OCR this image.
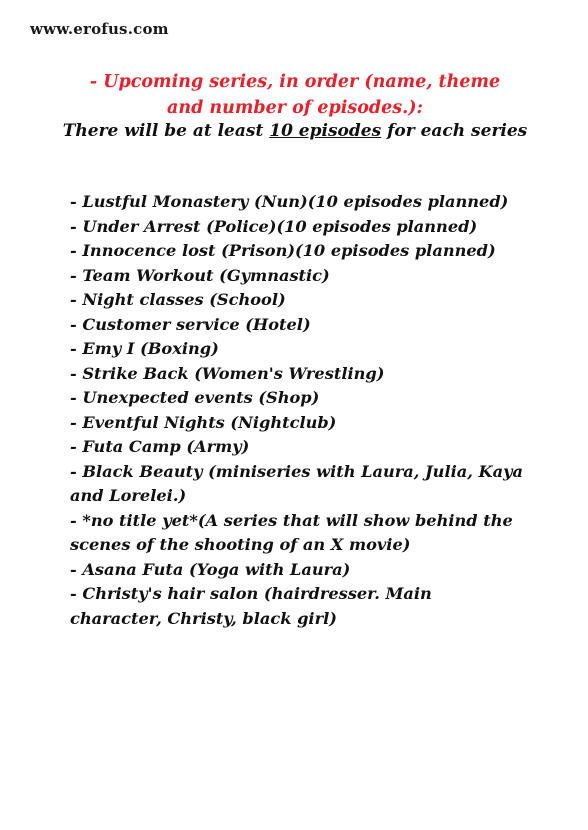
www.erofus.com
- Upcoming series, in order (name, theme and number of episodes.):
There will be at least 10 episodes for each series
- Lustful Monastery (Nun)(10 episodes planned)
- Under Arrest (Police)(10 episodes planned)
- Innocence lost (Prison)(10 episodes planned)
- Team Workout (Gymnastic)
- Night classes (School)
- Customer service (Hotel)
- Emy I (Boxing)
- Strike Back (Women's Wrestling)
- Unexpected events (Shop)
- Eventful Nights (Nightclub)
- Futa Camp (Army)
- Black Beauty (miniseries with Laura, Julia, Kaya and Lorelei.)
- *no title yet*(A series that will show behind the scenes of the shooting of an X movie)
- Asana Futa (Yoga with Laura)
- Christy's hair salon (hairdresser. Main character, Christy, black girl)
